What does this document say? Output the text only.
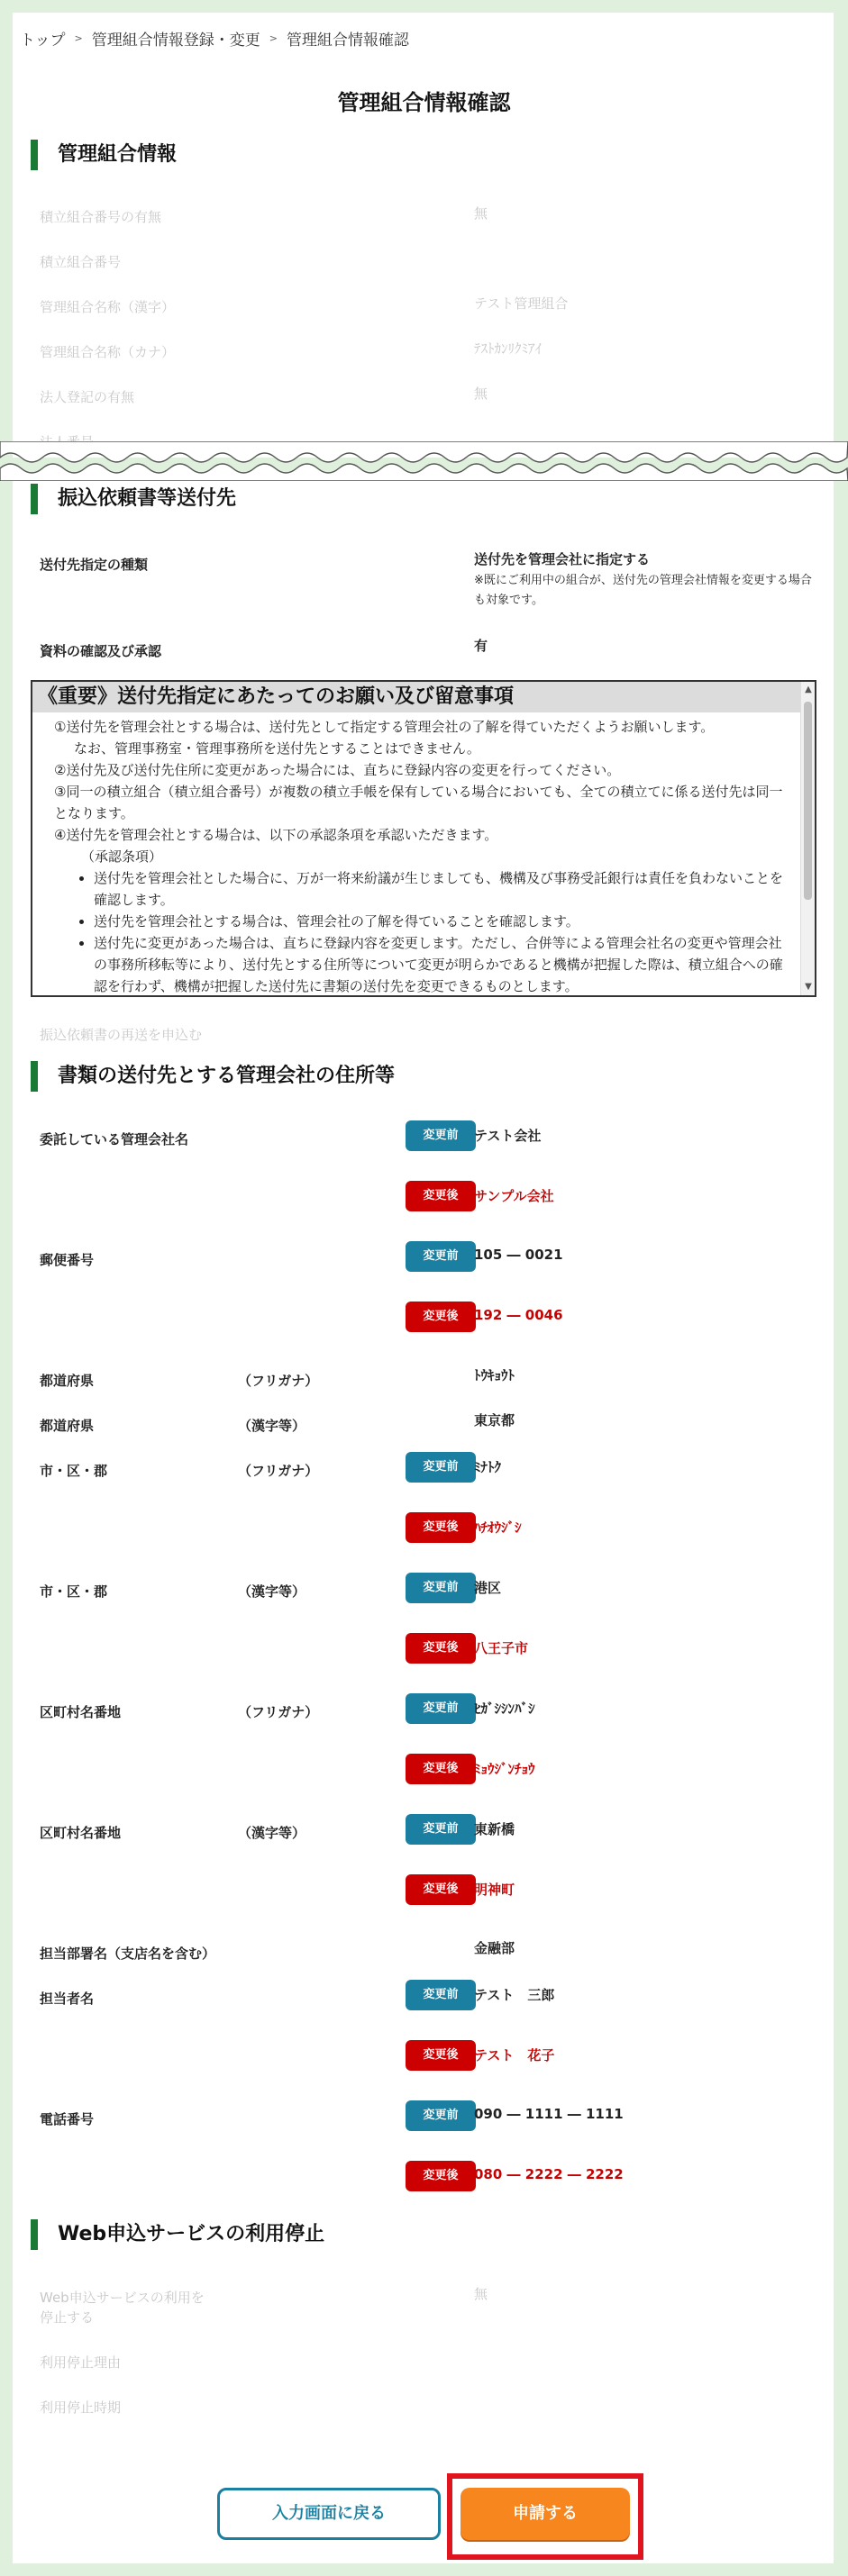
トップ > 管理組合情報登録・変更 > 管理組合情報確認
管理組合情報確認
管理組合情報
積立組合番号の有無	無
積立組合番号
管理組合名称（漢字）	テスト管理組合
管理組合名称（カナ）	ﾃｽﾄｶﾝﾘｸﾐｱｲ
法人登記の有無	無
振込依頼書等送付先
送付先指定の種類	送付先を管理会社に指定する
※既にご利用中の組合が、送付先の管理会社情報を変更する場合も対象です。
資料の確認及び承認	有
《重要》送付先指定にあたってのお願い及び留意事項
①送付先を管理会社とする場合は、送付先として指定する管理会社の了解を得ていただくようお願いします。
なお、管理事務室・管理事務所を送付先とすることはできません。
②送付先及び送付先住所に変更があった場合には、直ちに登録内容の変更を行ってください。
③同一の積立組合（積立組合番号）が複数の積立手帳を保有している場合においても、全ての積立てに係る送付先は同一となります。
④送付先を管理会社とする場合は、以下の承認条項を承認いただきます。
（承認条項）
• 送付先を管理会社とした場合に、万が一将来紛議が生じましても、機構及び事務受託銀行は責任を負わないことを確認します。
• 送付先を管理会社とする場合は、管理会社の了解を得ていることを確認します。
• 送付先に変更があった場合は、直ちに登録内容を変更します。ただし、合併等による管理会社名の変更や管理会社の事務所移転等により、送付先とする住所等について変更が明らかであると機構が把握した際は、積立組合への確認を行わず、機構が把握した送付先に書類の送付先を変更できるものとします。
▲
▼
振込依頼書の再送を申込む
書類の送付先とする管理会社の住所等
委託している管理会社名	変更前	テスト会社
変更後	サンプル会社
郵便番号	変更前	105 ― 0021
変更後	192 ― 0046
都道府県	（フリガナ）	ﾄｳｷｮｳﾄ
都道府県	（漢字等）	東京都
市・区・郡	（フリガナ）	変更前	ﾐﾅﾄｸ
変更後	ﾊﾁｵｳｼﾞｼ
市・区・郡	（漢字等）	変更前	港区
変更後	八王子市
区町村名番地	（フリガナ）	変更前	ﾋｶﾞｼｼﾝﾊﾞｼ
変更後	ﾐｮｳｼﾞﾝﾁｮｳ
区町村名番地	（漢字等）	変更前	東新橋
変更後	明神町
担当部署名（支店名を含む）	金融部
担当者名	変更前	テスト　三郎
変更後	テスト　花子
電話番号	変更前	090 ― 1111 ― 1111
変更後	080 ― 2222 ― 2222
Web申込サービスの利用停止
Web申込サービスの利用を
停止する
無
利用停止理由
利用停止時期
入力画面に戻る	申請する
